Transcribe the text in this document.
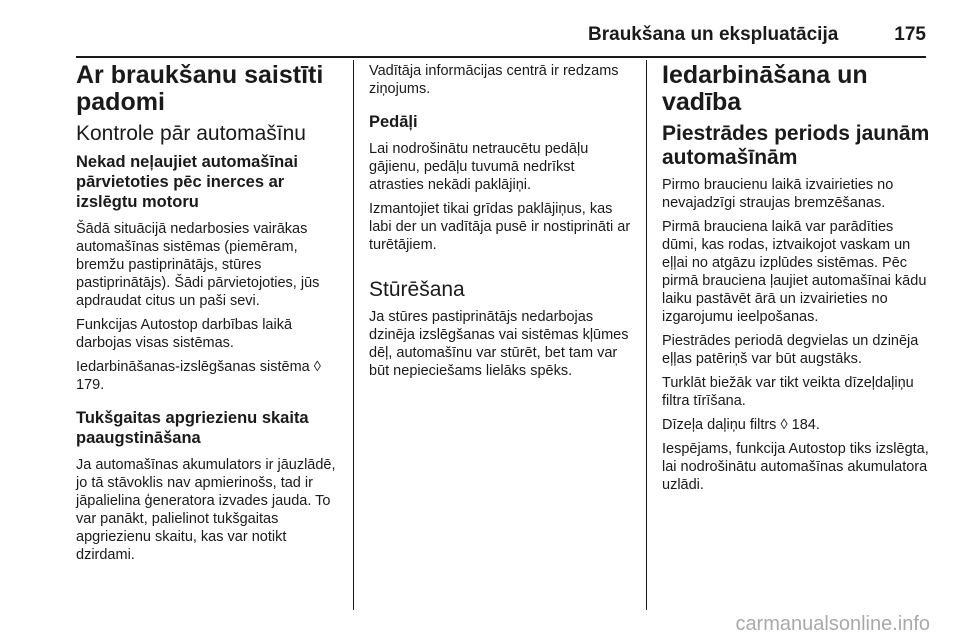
Braukšana un ekspluatācija	175
Ar braukšanu saistīti padomi
Kontrole pār automašīnu
Nekad neļaujiet automašīnai pārvietoties pēc inerces ar izslēgtu motoru

Šādā situācijā nedarbosies vairākas automašīnas sistēmas (piemēram, bremžu pastiprinātājs, stūres pastiprinātājs). Šādi pārvietojoties, jūs apdraudat citus un paši sevi.

Funkcijas Autostop darbības laikā darbojas visas sistēmas.

Iedarbināšanas-izslēgšanas sistēma ◊ 179.

Tukšgaitas apgriezienu skaita paaugstināšana

Ja automašīnas akumulators ir jāuzlādē, jo tā stāvoklis nav apmierinošs, tad ir jāpalielina ģeneratora izvades jauda. To var panākt, palielinot tukšgaitas apgriezienu skaitu, kas var notikt dzirdami.

Vadītāja informācijas centrā ir redzams ziņojums.

Pedāļi

Lai nodrošinātu netraucētu pedāļu gājienu, pedāļu tuvumā nedrīkst atrasties nekādi paklājiņi.

Izmantojiet tikai grīdas paklājiņus, kas labi der un vadītāja pusē ir nostiprināti ar turētājiem.

Stūrēšana

Ja stūres pastiprinātājs nedarbojas dzinēja izslēgšanas vai sistēmas kļūmes dēļ, automašīnu var stūrēt, bet tam var būt nepieciešams lielāks spēks.

Iedarbināšana un vadība
Piestrādes periods jaunām automašīnām

Pirmo braucienu laikā izvairieties no nevajadzīgi straujas bremzēšanas.

Pirmā brauciena laikā var parādīties dūmi, kas rodas, iztvaikojot vaskam un eļļai no atgāzu izplūdes sistēmas. Pēc pirmā brauciena ļaujiet automašīnai kādu laiku pastāvēt ārā un izvairieties no izgarojumu ieelpošanas.

Piestrādes periodā degvielas un dzinēja eļļas patēriņš var būt augstāks.

Turklāt biežāk var tikt veikta dīzeļdaļiņu filtra tīrīšana.

Dīzeļa daļiņu filtrs ◊ 184.

Iespējams, funkcija Autostop tiks izslēgta, lai nodrošinātu automašīnas akumulatora uzlādi.

carmanualsonline.info
